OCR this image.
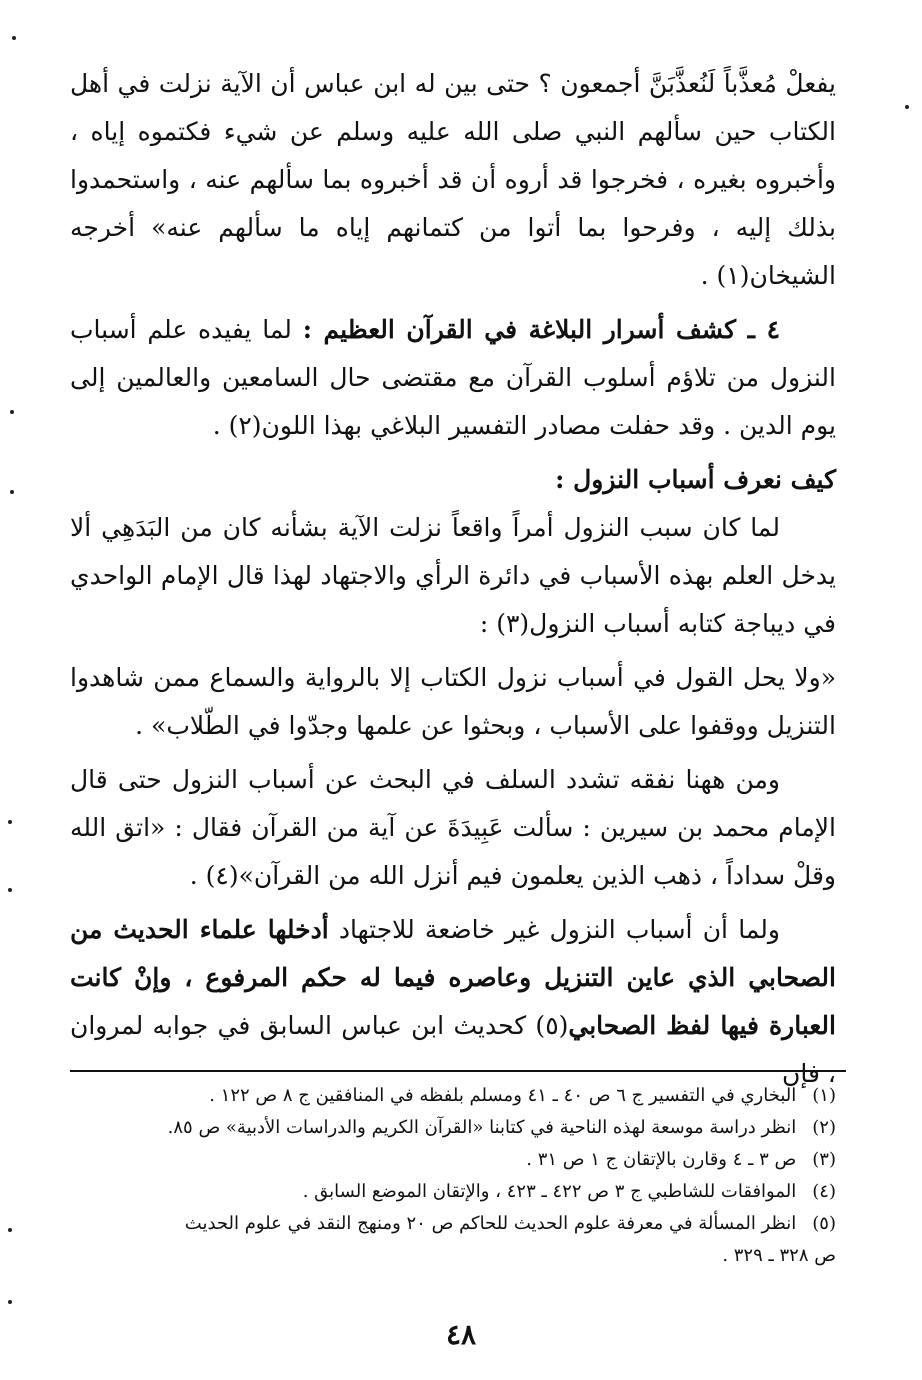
يفعلْ مُعذَّباً لَنُعذَّبَنَّ أجمعون ؟ حتى بين له ابن عباس أن الآية نزلت في أهل الكتاب حين سألهم النبي صلى الله عليه وسلم عن شيء فكتموه إياه ، وأخبروه بغيره ، فخرجوا قد أروه أن قد أخبروه بما سألهم عنه ، واستحمدوا بذلك إليه ، وفرحوا بما أتوا من كتمانهم إياه ما سألهم عنه» أخرجه الشيخان(١) .

٤ ـ كشف أسرار البلاغة في القرآن العظيم : لما يفيده علم أسباب النزول من تلاؤم أسلوب القرآن مع مقتضى حال السامعين والعالمين إلى يوم الدين . وقد حفلت مصادر التفسير البلاغي بهذا اللون(٢) .

كيف نعرف أسباب النزول :

لما كان سبب النزول أمراً واقعاً نزلت الآية بشأنه كان من البَدَهِي ألا يدخل العلم بهذه الأسباب في دائرة الرأي والاجتهاد لهذا قال الإمام الواحدي في ديباجة كتابه أسباب النزول(٣) :

«ولا يحل القول في أسباب نزول الكتاب إلا بالرواية والسماع ممن شاهدوا التنزيل ووقفوا على الأسباب ، وبحثوا عن علمها وجدّوا في الطّلاب» .

ومن ههنا نفقه تشدد السلف في البحث عن أسباب النزول حتى قال الإمام محمد بن سيرين : سألت عَبِيدَةَ عن آية من القرآن فقال : «اتق الله وقلْ سداداً ، ذهب الذين يعلمون فيم أنزل الله من القرآن»(٤) .

ولما أن أسباب النزول غير خاضعة للاجتهاد أدخلها علماء الحديث من الصحابي الذي عاين التنزيل وعاصره فيما له حكم المرفوع ، وإنْ كانت العبارة فيها لفظ الصحابي(٥) كحديث ابن عباس السابق في جوابه لمروان ، فإن

(١) البخاري في التفسير ج ٦ ص ٤٠ ـ ٤١ ومسلم بلفظه في المنافقين ج ٨ ص ١٢٢ .

(٢) انظر دراسة موسعة لهذه الناحية في كتابنا «القرآن الكريم والدراسات الأدبية» ص ٨٥.

(٣) ص ٣ ـ ٤ وقارن بالإتقان ج ١ ص ٣١ .

(٤) الموافقات للشاطبي ج ٣ ص ٤٢٢ ـ ٤٢٣ ، والإتقان الموضع السابق .

(٥) انظر المسألة في معرفة علوم الحديث للحاكم ص ٢٠ ومنهج النقد في علوم الحديث

ص ٣٢٨ ـ ٣٢٩ .

٤٨
